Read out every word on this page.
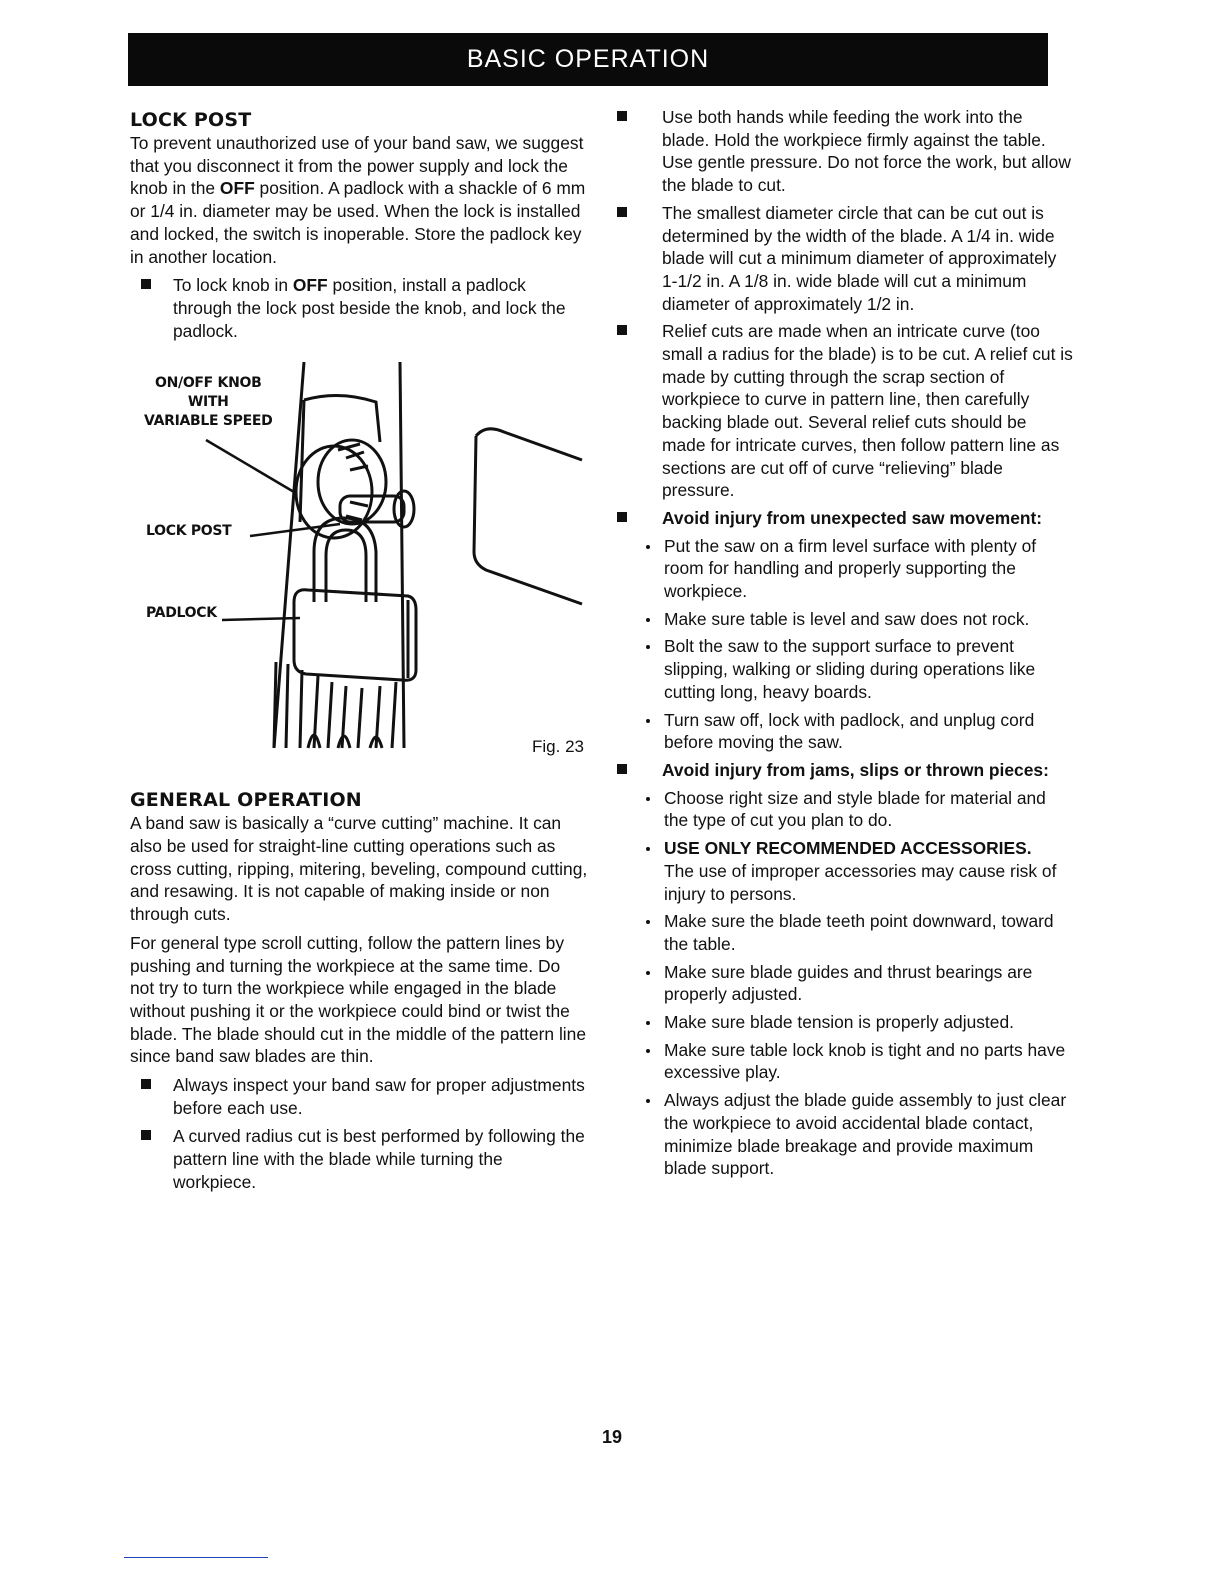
BASIC OPERATION
LOCK POST

To prevent unauthorized use of your band saw, we suggest that you disconnect it from the power supply and lock the knob in the OFF position. A padlock with a shackle of 6 mm or 1/4 in. diameter may be used. When the lock is installed and locked, the switch is inoperable. Store the padlock key in another location.

To lock knob in OFF position, install a padlock through the lock post beside the knob, and lock the padlock.
ON/OFF KNOB
WITH
VARIABLE SPEED
LOCK POST
PADLOCK
Fig. 23
GENERAL OPERATION

A band saw is basically a “curve cutting” machine. It can also be used for straight-line cutting operations such as cross cutting, ripping, mitering, beveling, compound cutting, and resawing. It is not capable of making inside or non through cuts.

For general type scroll cutting, follow the pattern lines by pushing and turning the workpiece at the same time. Do not try to turn the workpiece while engaged in the blade without pushing it or the workpiece could bind or twist the blade. The blade should cut in the middle of the pattern line since band saw blades are thin.

Always inspect your band saw for proper adjustments before each use.
A curved radius cut is best performed by following the pattern line with the blade while turning the workpiece.
Use both hands while feeding the work into the blade. Hold the workpiece firmly against the table. Use gentle pressure. Do not force the work, but allow the blade to cut.
The smallest diameter circle that can be cut out is determined by the width of the blade. A 1/4 in. wide blade will cut a minimum diameter of approximately 1-1/2 in. A 1/8 in. wide blade will cut a minimum diameter of approximately 1/2 in.
Relief cuts are made when an intricate curve (too small a radius for the blade) is to be cut. A relief cut is made by cutting through the scrap section of workpiece to curve in pattern line, then carefully backing blade out. Several relief cuts should be made for intricate curves, then follow pattern line as sections are cut off of curve “relieving” blade pressure.
Avoid injury from unexpected saw movement:
Put the saw on a firm level surface with plenty of room for handling and properly supporting the workpiece.
Make sure table is level and saw does not rock.
Bolt the saw to the support surface to prevent slipping, walking or sliding during operations like cutting long, heavy boards.
Turn saw off, lock with padlock, and unplug cord before moving the saw.
Avoid injury from jams, slips or thrown pieces:
Choose right size and style blade for material and the type of cut you plan to do.
USE ONLY RECOMMENDED ACCESSORIES.
The use of improper accessories may cause risk of injury to persons.
Make sure the blade teeth point downward, toward the table.
Make sure blade guides and thrust bearings are properly adjusted.
Make sure blade tension is properly adjusted.
Make sure table lock knob is tight and no parts have excessive play.
Always adjust the blade guide assembly to just clear the workpiece to avoid accidental blade contact, minimize blade breakage and provide maximum blade support.
19
